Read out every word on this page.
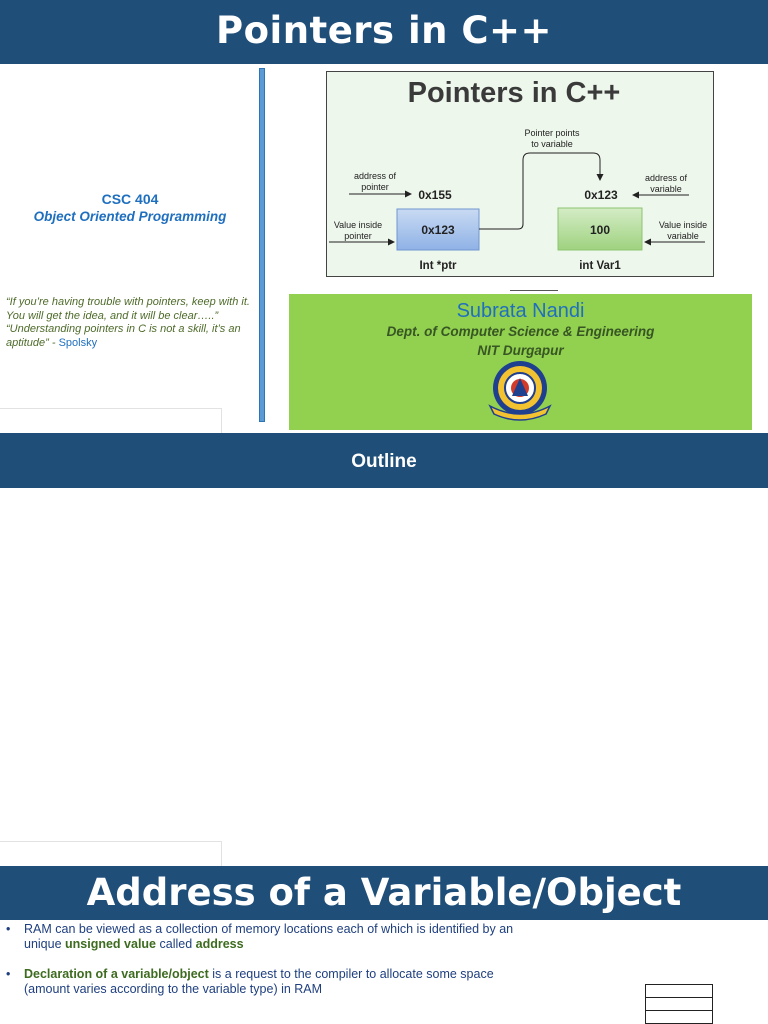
Pointers in C++
CSC 404
Object Oriented Programming
“If you’re having trouble with pointers, keep with it. You will get the idea, and it will be clear…..” “Understanding pointers in C is not a skill, it’s an aptitude” - Spolsky
Pointers in C++
Pointer points
to variable
address of
pointer
0x155
Value inside
pointer	0x123
Int *ptr
0x123
address of
variable
100
int Var1
Value inside
variable
Subrata Nandi
Dept. of Computer Science & Engineering
NIT Durgapur
Outline
Address of a Variable/Object
• RAM can be viewed as a collection of memory locations each of which is identified by an unique unsigned value called address
• Declaration of a variable/object is a request to the compiler to allocate some space (amount varies according to the variable type) in RAM
